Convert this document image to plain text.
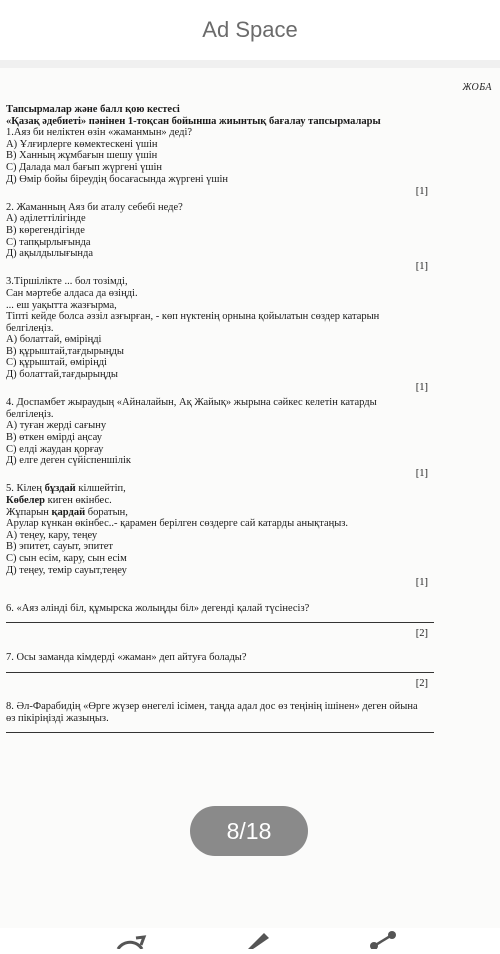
Ad Space
ЖОБА
Тапсырмалар және балл қою кестесі
«Қазақ әдебиеті» пәнінен 1-тоқсан бойынша жиынтық бағалау тапсырмалары
1.Аяз би неліктен өзін «жаманмын» деді?
А) Ұлғирлерге көмектескені үшін
В) Ханның жұмбағын шешу үшін
С) Далада мал бағып жүргені үшін
Д) Өмір бойы біреудің босағасында жүргені үшін
[1]
2. Жаманның Аяз би аталу себебі неде?
А) әділеттілігінде
В) көрегендігінде
С) тапқырлығында
Д) ақылдылығында
[1]
3.Тіршілікте ... бол тозімді,
Сан мәртебе алдаса да өзіңді.
... еш уақытта жазғырма,
Тіпті кейде болса әззіл азғырған, - көп нүктенің орнына қойылатын сөздер катарын
белгілеңіз.
А) болаттай, өміріңді
В) құрыштай,тағдырыңды
С) құрыштай, өміріңді
Д) болаттай,тағдырыңды
[1]
4. Доспамбет жыраудың «Айналайын, Ақ Жайық» жырына сәйкес келетін катарды
белгілеңіз.
А) туған жерді сағыну
В) өткен өмірді аңсау
С) елді жаудан қорғау
Д) елге деген сүйіспеншілік
[1]
5. Кілең бұздай кілшейтіп,
Көбелер киген өкінбес.
Жұпарын қардай боратын,
Арулар күнкан өкінбес..- қарамен берілген сөздерге сай катарды анықтаңыз.
А) теңеу, кару, теңеу
В) эпитет, сауыт, эпитет
С) сын есім, кару, сын есім
Д) теңеу, темір сауыт,теңеу
[1]
6. «Аяз әлінді біл, құмырска жолыңды біл» дегенді қалай түсінесіз?
[2]
7. Осы заманда кімдерді «жаман» деп айтуға болады?
[2]
8. Әл-Фарабидің «Өрге жүзер өнегелі ісімен, таңда адал дос өз теңінің ішінен» деген ойына
өз пікіріңізді жазыңыз.
8/18
